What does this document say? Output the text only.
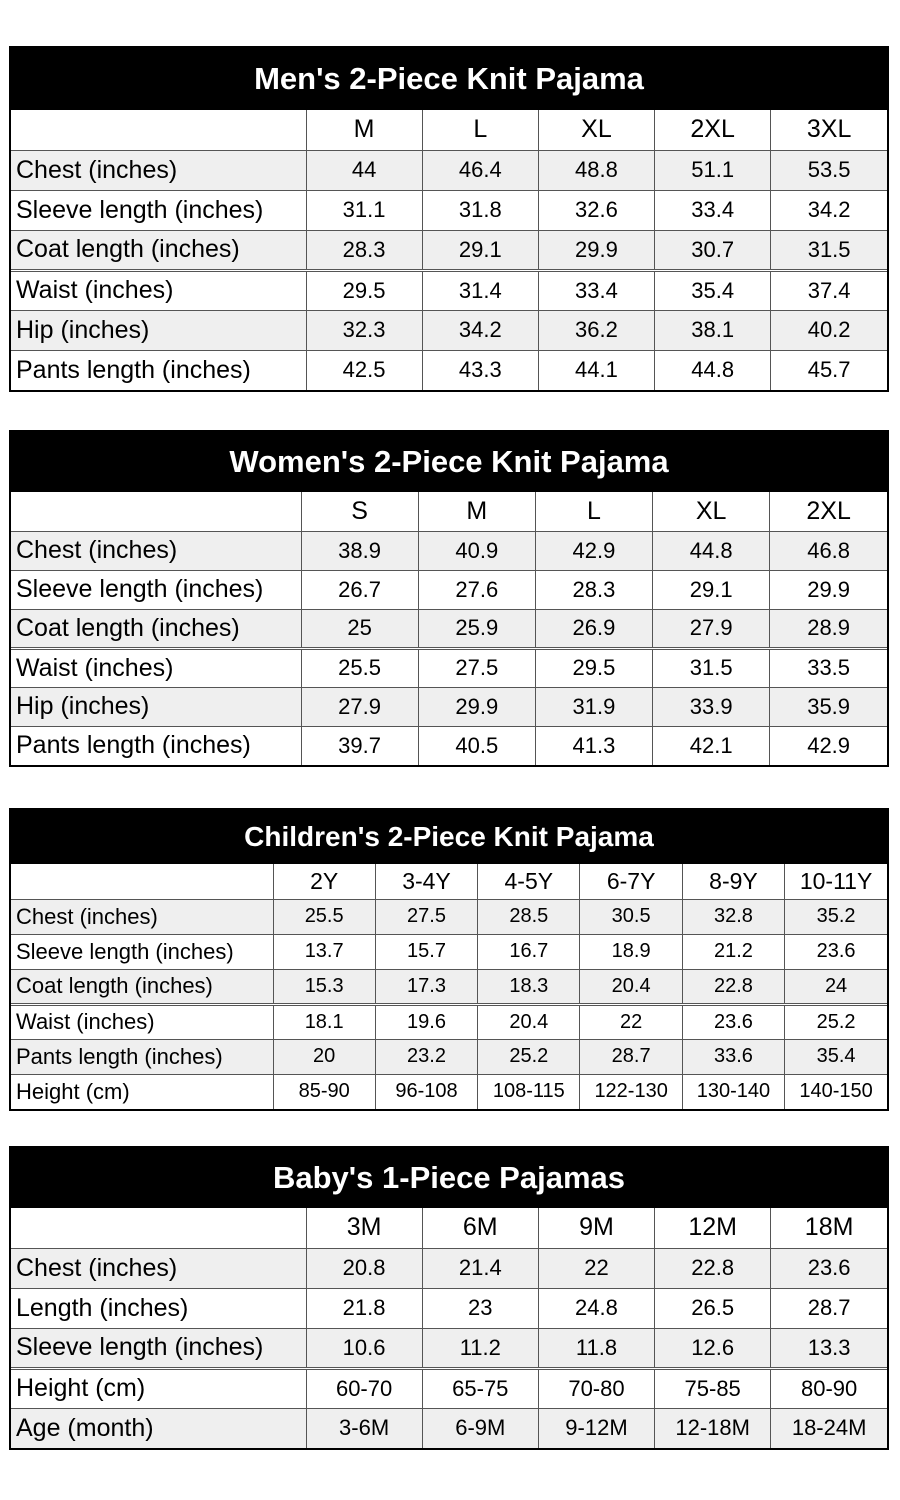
Men's 2-Piece Knit Pajama
	M	L	XL	2XL	3XL
Chest (inches)	44	46.4	48.8	51.1	53.5
Sleeve length (inches)	31.1	31.8	32.6	33.4	34.2
Coat length (inches)	28.3	29.1	29.9	30.7	31.5
Waist (inches)	29.5	31.4	33.4	35.4	37.4
Hip (inches)	32.3	34.2	36.2	38.1	40.2
Pants length (inches)	42.5	43.3	44.1	44.8	45.7
Women's 2-Piece Knit Pajama
	S	M	L	XL	2XL
Chest (inches)	38.9	40.9	42.9	44.8	46.8
Sleeve length (inches)	26.7	27.6	28.3	29.1	29.9
Coat length (inches)	25	25.9	26.9	27.9	28.9
Waist (inches)	25.5	27.5	29.5	31.5	33.5
Hip (inches)	27.9	29.9	31.9	33.9	35.9
Pants length (inches)	39.7	40.5	41.3	42.1	42.9
Children's 2-Piece Knit Pajama
	2Y	3-4Y	4-5Y	6-7Y	8-9Y	10-11Y
Chest (inches)	25.5	27.5	28.5	30.5	32.8	35.2
Sleeve length (inches)	13.7	15.7	16.7	18.9	21.2	23.6
Coat length (inches)	15.3	17.3	18.3	20.4	22.8	24
Waist (inches)	18.1	19.6	20.4	22	23.6	25.2
Pants length (inches)	20	23.2	25.2	28.7	33.6	35.4
Height (cm)	85-90	96-108	108-115	122-130	130-140	140-150
Baby's 1-Piece Pajamas
	3M	6M	9M	12M	18M
Chest (inches)	20.8	21.4	22	22.8	23.6
Length (inches)	21.8	23	24.8	26.5	28.7
Sleeve length (inches)	10.6	11.2	11.8	12.6	13.3
Height (cm)	60-70	65-75	70-80	75-85	80-90
Age (month)	3-6M	6-9M	9-12M	12-18M	18-24M
